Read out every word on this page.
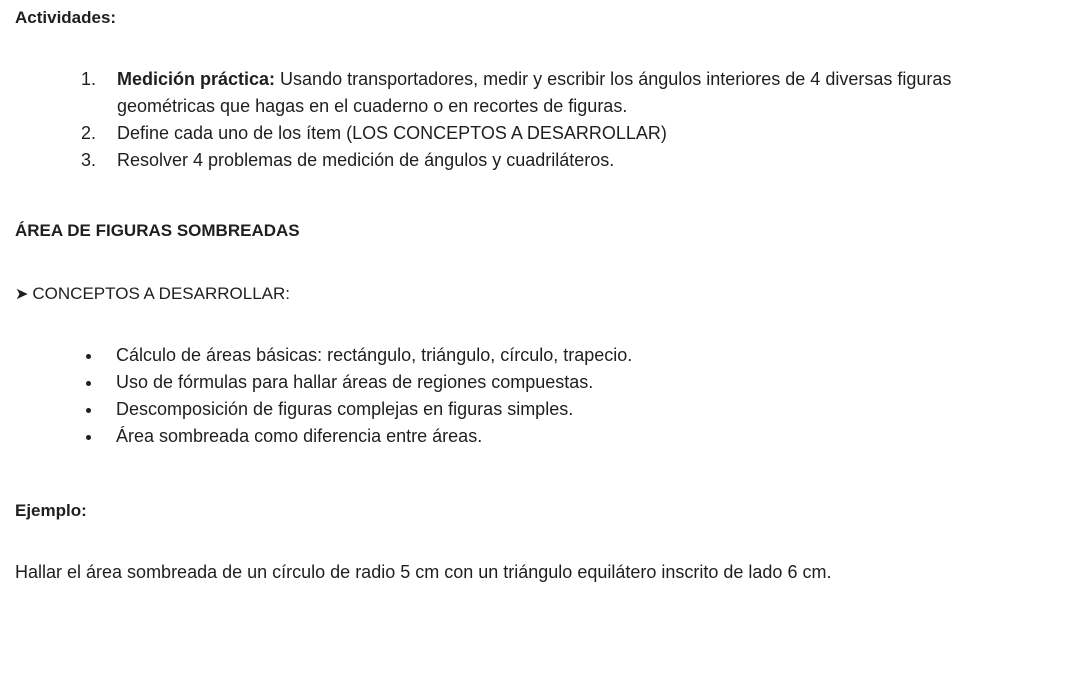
Actividades:
1. Medición práctica: Usando transportadores, medir y escribir los ángulos interiores de 4 diversas figuras geométricas que hagas en el cuaderno o en recortes de figuras.
2. Define cada uno de los ítem (LOS CONCEPTOS A DESARROLLAR)
3. Resolver 4 problemas de medición de ángulos y cuadriláteros.
ÁREA DE FIGURAS SOMBREADAS
➤ CONCEPTOS A DESARROLLAR:
Cálculo de áreas básicas: rectángulo, triángulo, círculo, trapecio.
Uso de fórmulas para hallar áreas de regiones compuestas.
Descomposición de figuras complejas en figuras simples.
Área sombreada como diferencia entre áreas.
Ejemplo:
Hallar el área sombreada de un círculo de radio 5 cm con un triángulo equilátero inscrito de lado 6 cm.
